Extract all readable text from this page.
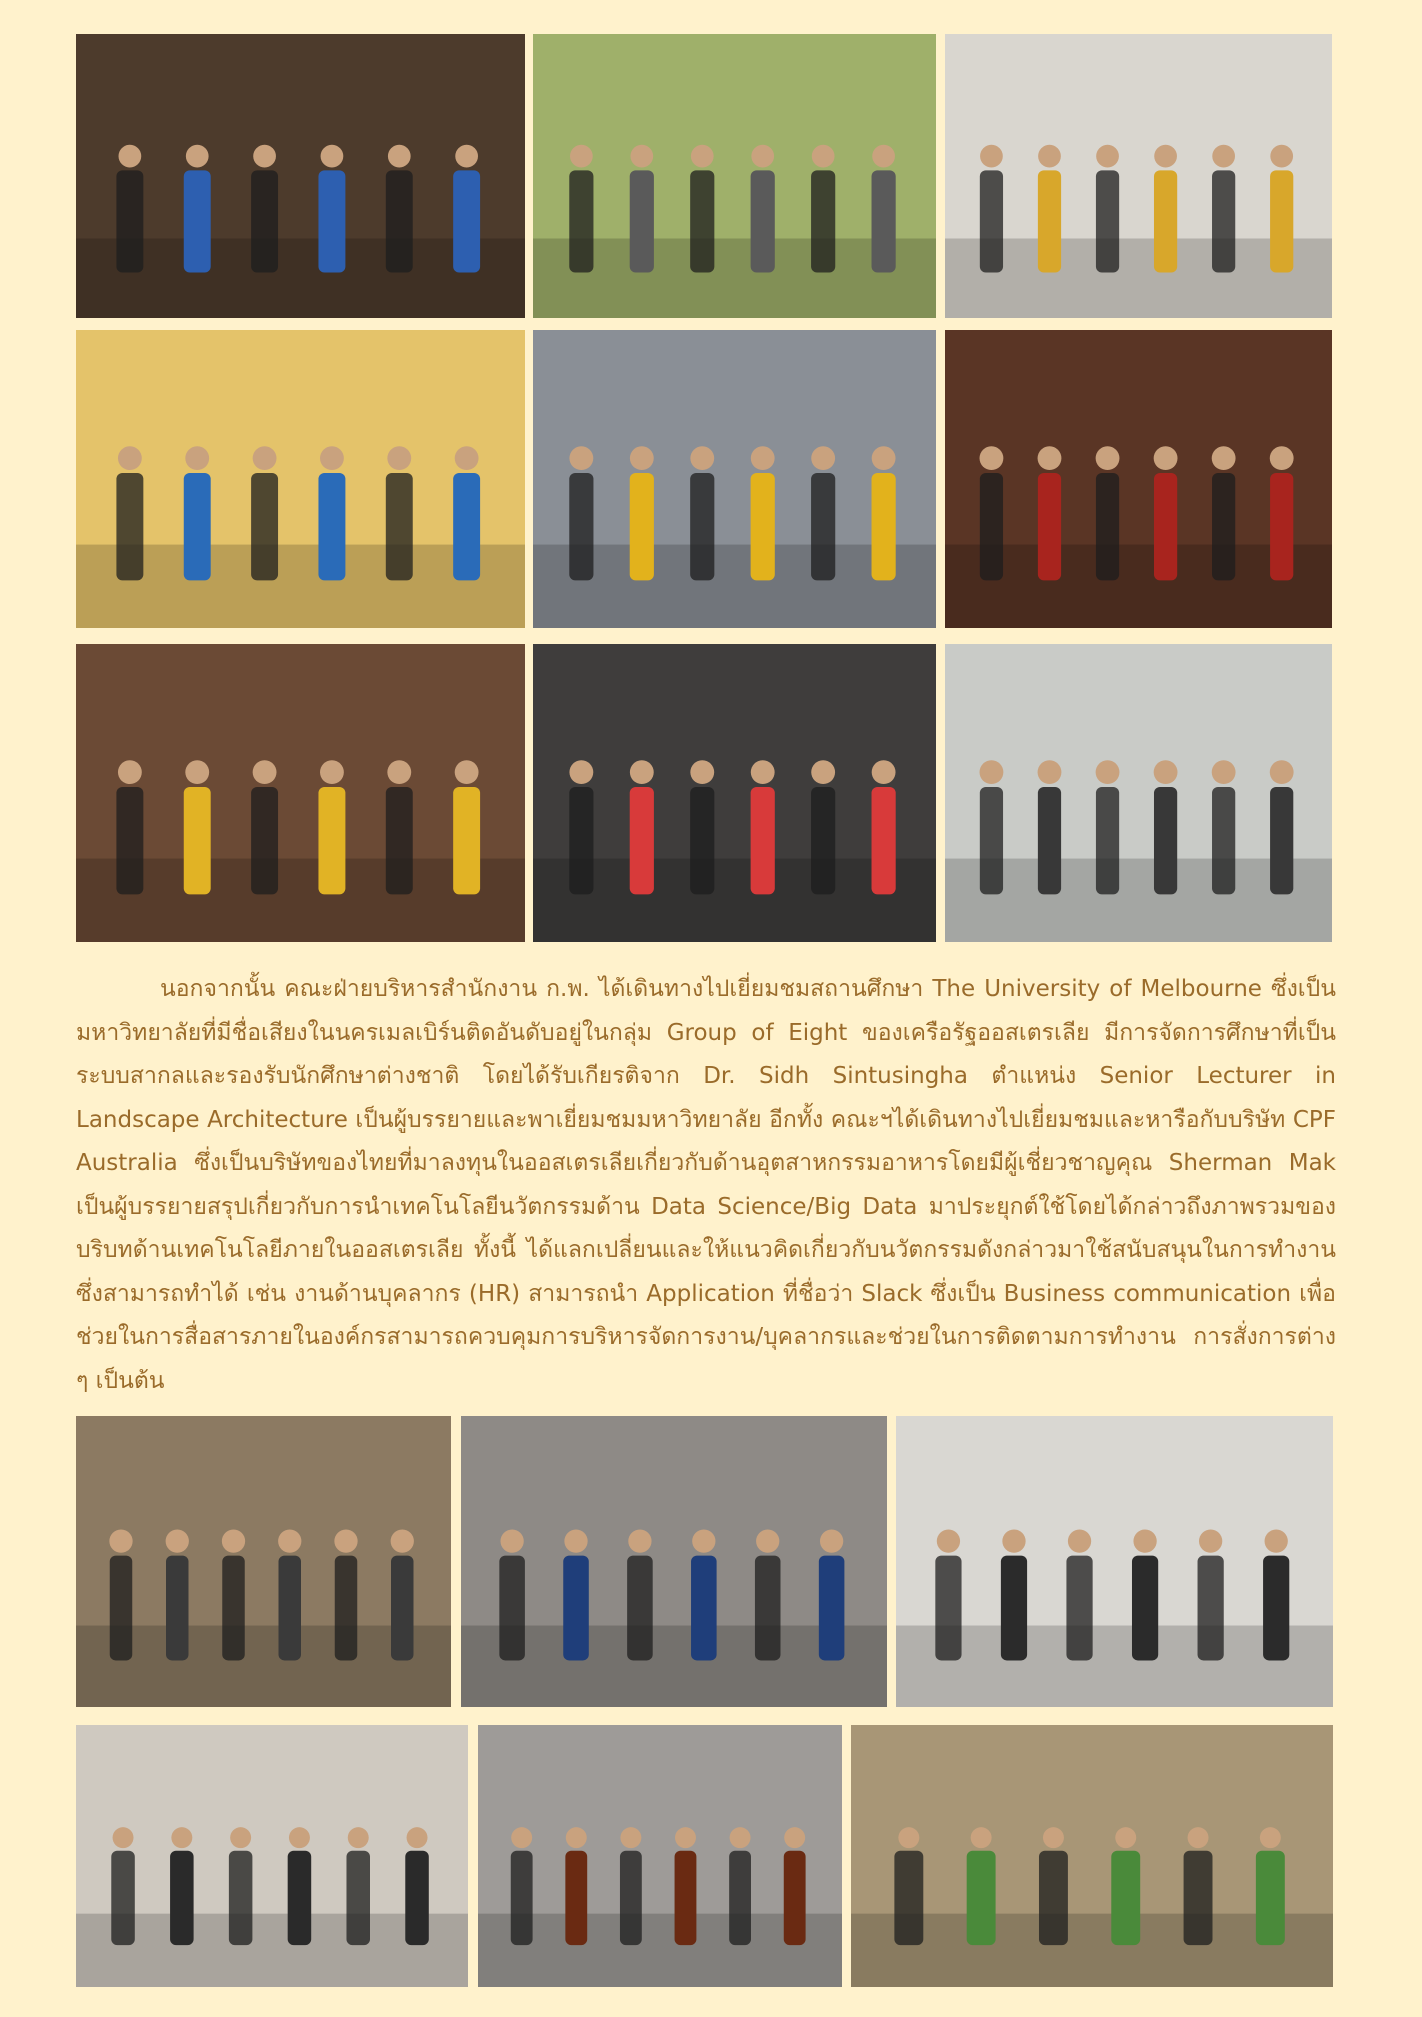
นอกจากนั้น คณะฝ่ายบริหารสำนักงาน ก.พ. ได้เดินทางไปเยี่ยมชมสถานศึกษา The University of Melbourne ซึ่งเป็นมหาวิทยาลัยที่มีชื่อเสียงในนครเมลเบิร์นติดอันดับอยู่ในกลุ่ม Group of Eight ของเครือรัฐออสเตรเลีย มีการจัดการศึกษาที่เป็นระบบสากลและรองรับนักศึกษาต่างชาติ โดยได้รับเกียรติจาก Dr. Sidh Sintusingha ตำแหน่ง Senior Lecturer in Landscape Architecture เป็นผู้บรรยายและพาเยี่ยมชมมหาวิทยาลัย อีกทั้ง คณะฯได้เดินทางไปเยี่ยมชมและหารือกับบริษัท CPF Australia ซึ่งเป็นบริษัทของไทยที่มาลงทุนในออสเตรเลียเกี่ยวกับด้านอุตสาหกรรมอาหารโดยมีผู้เชี่ยวชาญคุณ Sherman Mak เป็นผู้บรรยายสรุปเกี่ยวกับการนำเทคโนโลยีนวัตกรรมด้าน Data Science/Big Data มาประยุกต์ใช้โดยได้กล่าวถึงภาพรวมของบริบทด้านเทคโนโลยีภายในออสเตรเลีย ทั้งนี้ ได้แลกเปลี่ยนและให้แนวคิดเกี่ยวกับนวัตกรรมดังกล่าวมาใช้สนับสนุนในการทำงานซึ่งสามารถทำได้ เช่น งานด้านบุคลากร (HR) สามารถนำ Application ที่ชื่อว่า Slack ซึ่งเป็น Business communication เพื่อช่วยในการสื่อสารภายในองค์กรสามารถควบคุมการบริหารจัดการงาน/บุคลากรและช่วยในการติดตามการทำงาน การสั่งการต่าง ๆ เป็นต้น
